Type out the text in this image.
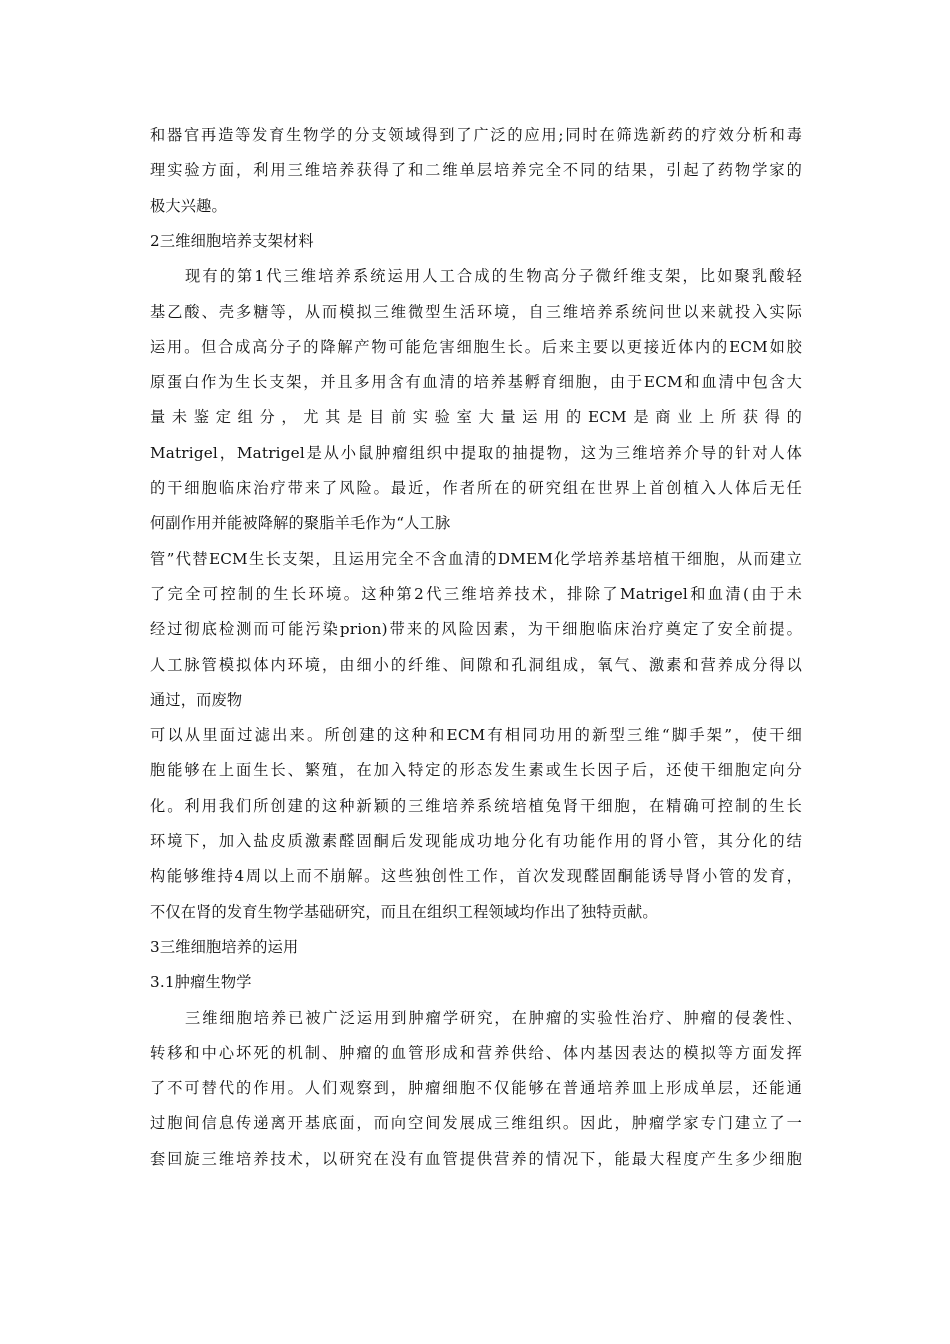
和器官再造等发育生物学的分支领域得到了广泛的应用;同时在筛选新药的疗效分析和毒
理实验方面，利用三维培养获得了和二维单层培养完全不同的结果，引起了药物学家的
极大兴趣。
2三维细胞培养支架材料
现有的第1代三维培养系统运用人工合成的生物高分子微纤维支架，比如聚乳酸轻
基乙酸、壳多糖等，从而模拟三维微型生活环境，自三维培养系统问世以来就投入实际
运用。但合成高分子的降解产物可能危害细胞生长。后来主要以更接近体内的ECM如胶
原蛋白作为生长支架，并且多用含有血清的培养基孵育细胞，由于ECM和血清中包含大
量未鉴定组分，尤其是目前实验室大量运用的ECM是商业上所获得的
Matrigel，Matrigel是从小鼠肿瘤组织中提取的抽提物，这为三维培养介导的针对人体
的干细胞临床治疗带来了风险。最近，作者所在的研究组在世界上首创植入人体后无任
何副作用并能被降解的聚脂羊毛作为“人工脉
管”代替ECM生长支架，且运用完全不含血清的DMEM化学培养基培植干细胞，从而建立
了完全可控制的生长环境。这种第2代三维培养技术，排除了Matrigel和血清(由于未
经过彻底检测而可能污染prion)带来的风险因素，为干细胞临床治疗奠定了安全前提。
人工脉管模拟体内环境，由细小的纤维、间隙和孔洞组成，氧气、激素和营养成分得以
通过，而废物
可以从里面过滤出来。所创建的这种和ECM有相同功用的新型三维“脚手架”，使干细
胞能够在上面生长、繁殖，在加入特定的形态发生素或生长因子后，还使干细胞定向分
化。利用我们所创建的这种新颖的三维培养系统培植兔肾干细胞，在精确可控制的生长
环境下，加入盐皮质激素醛固酮后发现能成功地分化有功能作用的肾小管，其分化的结
构能够维持4周以上而不崩解。这些独创性工作，首次发现醛固酮能诱导肾小管的发育，
不仅在肾的发育生物学基础研究，而且在组织工程领域均作出了独特贡献。
3三维细胞培养的运用
3.1肿瘤生物学
三维细胞培养已被广泛运用到肿瘤学研究，在肿瘤的实验性治疗、肿瘤的侵袭性、
转移和中心坏死的机制、肿瘤的血管形成和营养供给、体内基因表达的模拟等方面发挥
了不可替代的作用。人们观察到，肿瘤细胞不仅能够在普通培养皿上形成单层，还能通
过胞间信息传递离开基底面，而向空间发展成三维组织。因此，肿瘤学家专门建立了一
套回旋三维培养技术，以研究在没有血管提供营养的情况下，能最大程度产生多少细胞
